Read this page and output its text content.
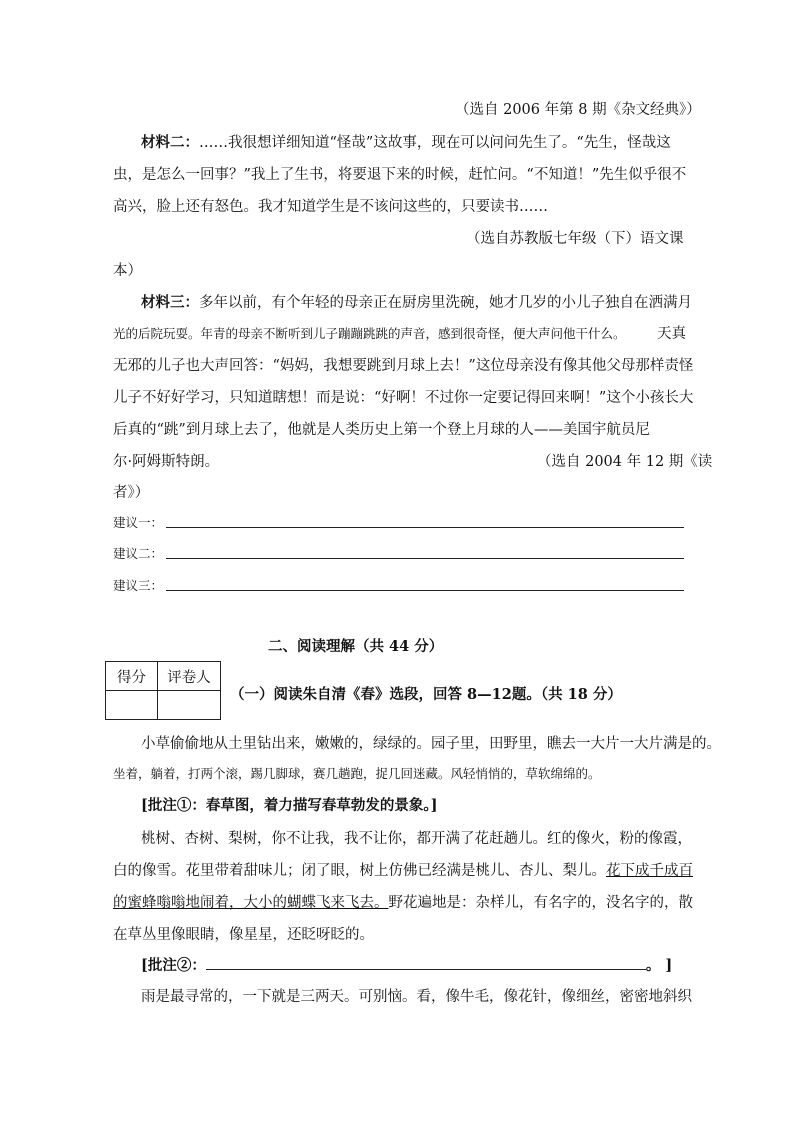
（选自 2006 年第 8 期《杂文经典》）
材料二：……我很想详细知道“怪哉”这故事，现在可以问问先生了。“先生，怪哉这
虫，是怎么一回事？”我上了生书，将要退下来的时候，赶忙问。“不知道！”先生似乎很不
高兴，脸上还有怒色。我才知道学生是不该问这些的，只要读书……
（选自苏教版七年级（下）语文课
本）
材料三：多年以前，有个年轻的母亲正在厨房里洗碗，她才几岁的小儿子独自在洒满月
光的后院玩耍。年青的母亲不断听到儿子蹦蹦跳跳的声音，感到很奇怪，便大声问他干什么。 天真
无邪的儿子也大声回答：“妈妈，我想要跳到月球上去！”这位母亲没有像其他父母那样责怪
儿子不好好学习，只知道瞎想！而是说：“好啊！不过你一定要记得回来啊！”这个小孩长大
后真的“跳”到月球上去了，他就是人类历史上第一个登上月球的人——美国宇航员尼
尔·阿姆斯特朗。	（选自 2004 年 12 期《读
者》）
建议一：
建议二：
建议三：
二、阅读理解（共 44 分）
得分	评卷人

（一）阅读朱自清《春》选段，回答 8—12题。（共 18 分）
小草偷偷地从土里钻出来，嫩嫩的，绿绿的。园子里，田野里，瞧去一大片一大片满是的。
坐着，躺着，打两个滚，踢几脚球，赛几趟跑，捉几回迷藏。风轻悄悄的，草软绵绵的。
[批注①：春草图，着力描写春草勃发的景象。]
桃树、杏树、梨树，你不让我，我不让你，都开满了花赶趟儿。红的像火，粉的像霞，
白的像雪。花里带着甜味儿；闭了眼，树上仿佛已经满是桃儿、杏儿、梨儿。花下成千成百
的蜜蜂嗡嗡地闹着，大小的蝴蝶飞来飞去。野花遍地是：杂样儿，有名字的，没名字的，散
在草丛里像眼睛，像星星，还眨呀眨的。
[批注②：	。 ]
雨是最寻常的，一下就是三两天。可别恼。看，像牛毛，像花针，像细丝，密密地斜织
